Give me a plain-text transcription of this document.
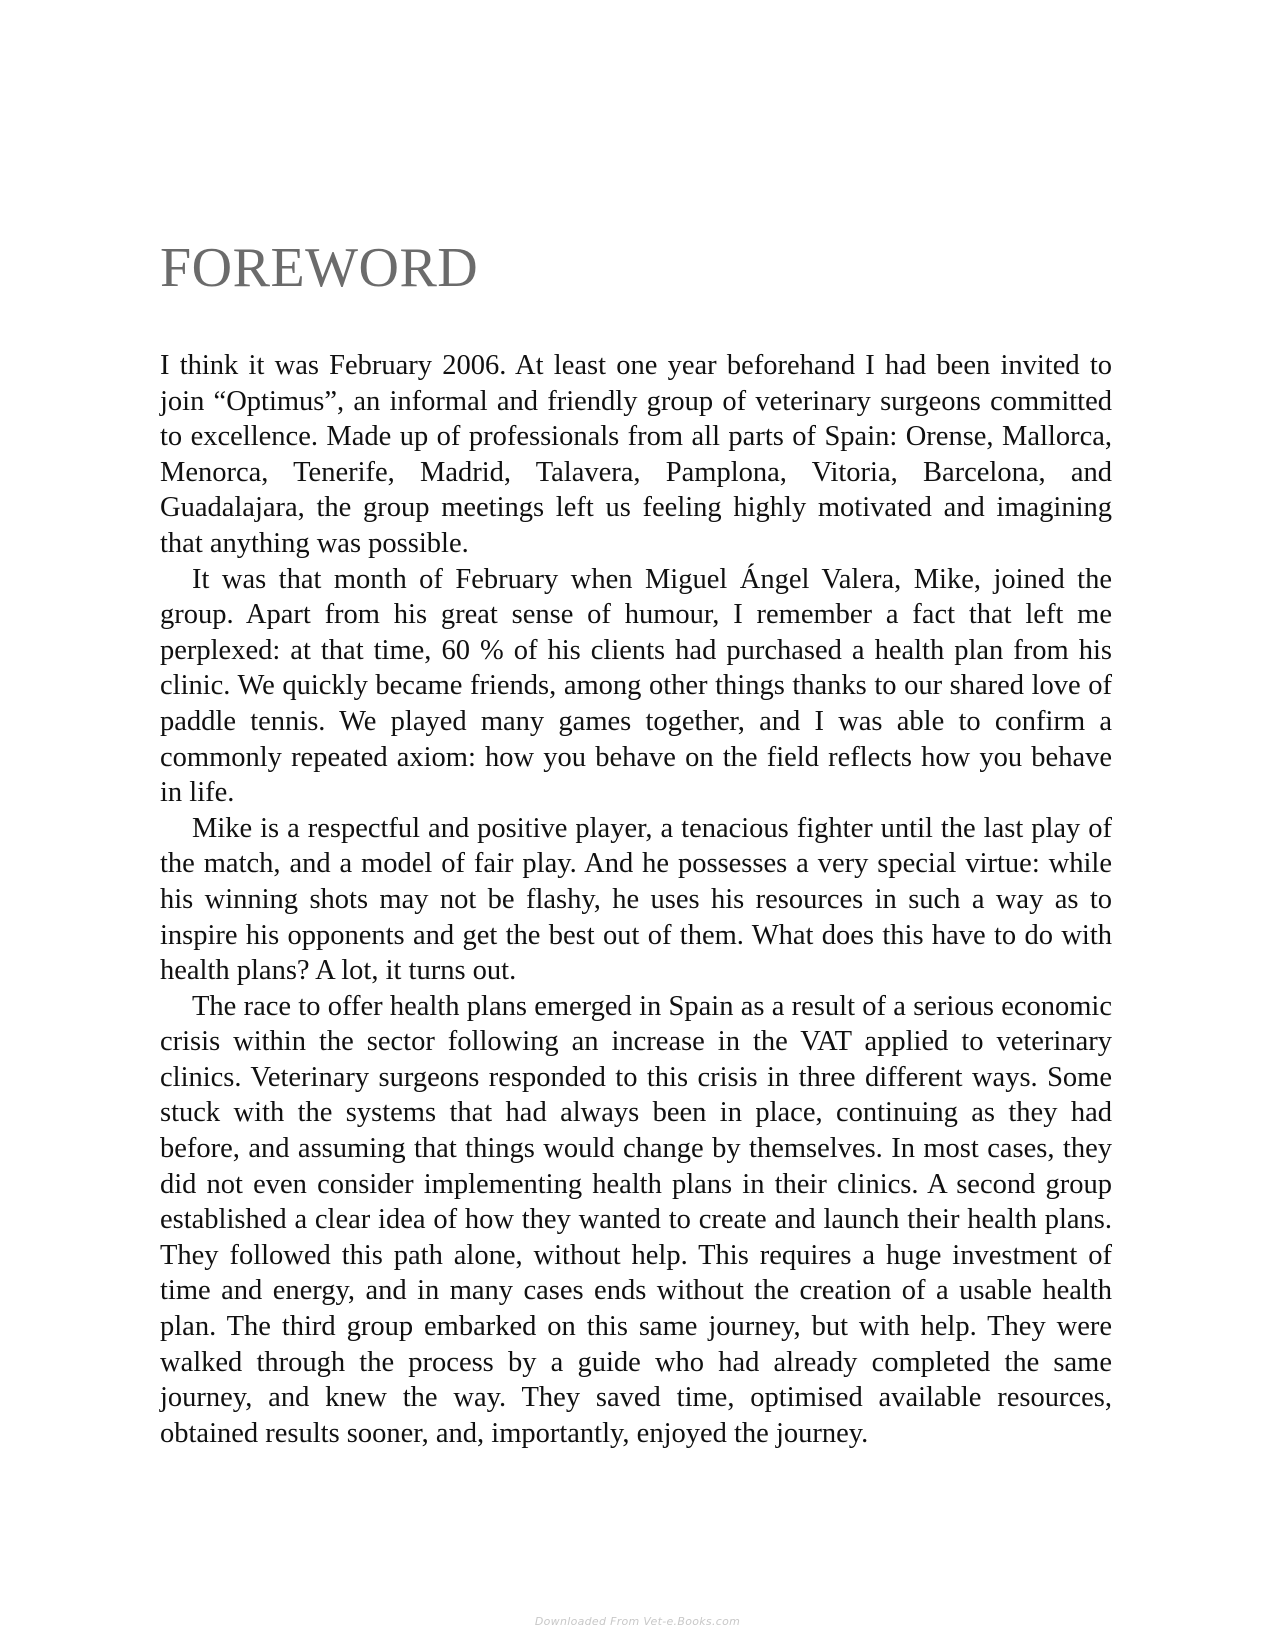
FOREWORD

I think it was February 2006. At least one year beforehand I had been invited to join “Optimus”, an informal and friendly group of veterinary surgeons committed to excellence. Made up of professionals from all parts of Spain: Orense, Mallorca, Menorca, Tenerife, Madrid, Talavera, Pamplona, Vitoria, Barcelona, and Guadalajara, the group meetings left us feeling highly motivated and imagining that anything was possible.

It was that month of February when Miguel Ángel Valera, Mike, joined the group. Apart from his great sense of humour, I remember a fact that left me perplexed: at that time, 60 % of his clients had purchased a health plan from his clinic. We quickly became friends, among other things thanks to our shared love of paddle tennis. We played many games together, and I was able to confirm a commonly repeated axiom: how you behave on the field reflects how you behave in life.

Mike is a respectful and positive player, a tenacious fighter until the last play of the match, and a model of fair play. And he possesses a very special virtue: while his winning shots may not be flashy, he uses his resources in such a way as to inspire his opponents and get the best out of them. What does this have to do with health plans? A lot, it turns out.

The race to offer health plans emerged in Spain as a result of a serious economic crisis within the sector following an increase in the VAT applied to veterinary clinics. Veterinary surgeons responded to this crisis in three different ways. Some stuck with the systems that had always been in place, continuing as they had before, and assuming that things would change by themselves. In most cases, they did not even consider implementing health plans in their clinics. A second group established a clear idea of how they wanted to create and launch their health plans. They followed this path alone, without help. This requires a huge investment of time and energy, and in many cases ends without the creation of a usable health plan. The third group embarked on this same journey, but with help. They were walked through the process by a guide who had already completed the same journey, and knew the way. They saved time, optimised available resources, obtained results sooner, and, importantly, enjoyed the journey.

Downloaded From Vet-e.Books.com
